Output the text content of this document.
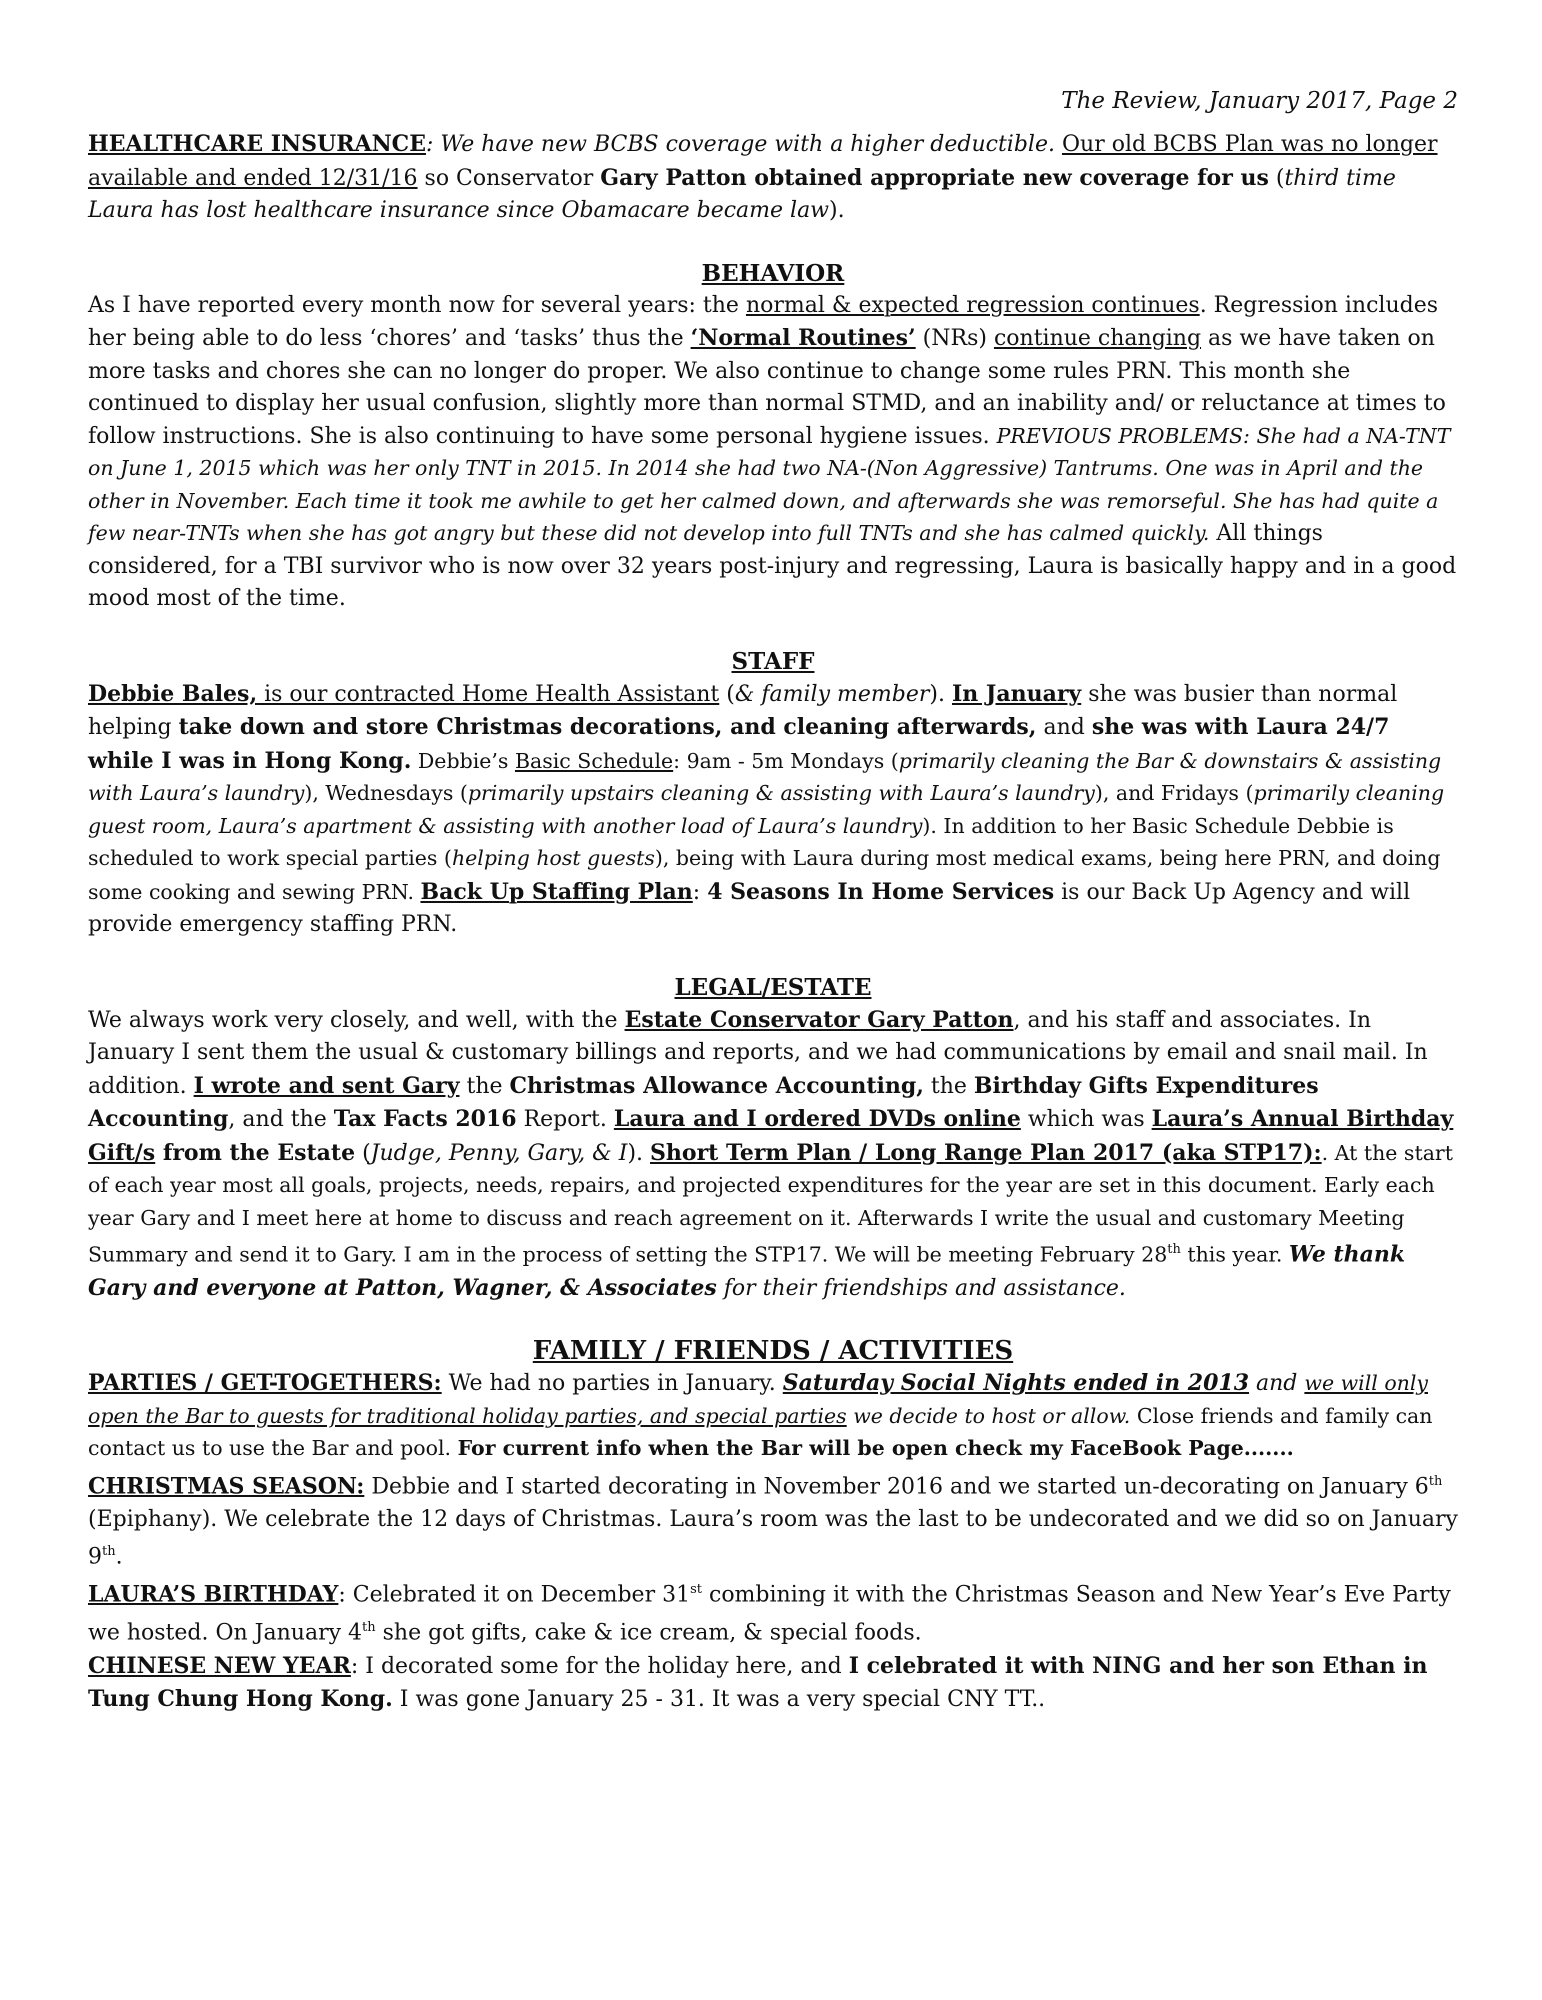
The Review, January 2017, Page 2

HEALTHCARE INSURANCE: We have new BCBS coverage with a higher deductible. Our old BCBS Plan was no longer available and ended 12/31/16 so Conservator Gary Patton obtained appropriate new coverage for us (third time Laura has lost healthcare insurance since Obamacare became law).

BEHAVIOR

As I have reported every month now for several years: the normal & expected regression continues. Regression includes her being able to do less ‘chores’ and ‘tasks’ thus the ‘Normal Routines’ (NRs) continue changing as we have taken on more tasks and chores she can no longer do proper. We also continue to change some rules PRN. This month she continued to display her usual confusion, slightly more than normal STMD, and an inability and/ or reluctance at times to follow instructions. She is also continuing to have some personal hygiene issues. PREVIOUS PROBLEMS: She had a NA-TNT on June 1, 2015 which was her only TNT in 2015. In 2014 she had two NA-(Non Aggressive) Tantrums. One was in April and the other in November. Each time it took me awhile to get her calmed down, and afterwards she was remorseful. She has had quite a few near-TNTs when she has got angry but these did not develop into full TNTs and she has calmed quickly. All things considered, for a TBI survivor who is now over 32 years post-injury and regressing, Laura is basically happy and in a good mood most of the time.

STAFF

Debbie Bales, is our contracted Home Health Assistant (& family member). In January she was busier than normal helping take down and store Christmas decorations, and cleaning afterwards, and she was with Laura 24/7 while I was in Hong Kong. Debbie’s Basic Schedule: 9am - 5m Mondays (primarily cleaning the Bar & downstairs & assisting with Laura’s laundry), Wednesdays (primarily upstairs cleaning & assisting with Laura’s laundry), and Fridays (primarily cleaning guest room, Laura’s apartment & assisting with another load of Laura’s laundry). In addition to her Basic Schedule Debbie is scheduled to work special parties (helping host guests), being with Laura during most medical exams, being here PRN, and doing some cooking and sewing PRN. Back Up Staffing Plan: 4 Seasons In Home Services is our Back Up Agency and will provide emergency staffing PRN.

LEGAL/ESTATE

We always work very closely, and well, with the Estate Conservator Gary Patton, and his staff and associates. In January I sent them the usual & customary billings and reports, and we had communications by email and snail mail. In addition. I wrote and sent Gary the Christmas Allowance Accounting, the Birthday Gifts Expenditures Accounting, and the Tax Facts 2016 Report. Laura and I ordered DVDs online which was Laura’s Annual Birthday Gift/s from the Estate (Judge, Penny, Gary, & I). Short Term Plan / Long Range Plan 2017 (aka STP17):. At the start of each year most all goals, projects, needs, repairs, and projected expenditures for the year are set in this document. Early each year Gary and I meet here at home to discuss and reach agreement on it. Afterwards I write the usual and customary Meeting Summary and send it to Gary. I am in the process of setting the STP17. We will be meeting February 28th this year. We thank Gary and everyone at Patton, Wagner, & Associates for their friendships and assistance.

FAMILY / FRIENDS / ACTIVITIES

PARTIES / GET-TOGETHERS: We had no parties in January. Saturday Social Nights ended in 2013 and we will only open the Bar to guests for traditional holiday parties, and special parties we decide to host or allow. Close friends and family can contact us to use the Bar and pool. For current info when the Bar will be open check my FaceBook Page.......

CHRISTMAS SEASON: Debbie and I started decorating in November 2016 and we started un-decorating on January 6th (Epiphany). We celebrate the 12 days of Christmas. Laura’s room was the last to be undecorated and we did so on January 9th.

LAURA’S BIRTHDAY: Celebrated it on December 31st combining it with the Christmas Season and New Year’s Eve Party we hosted. On January 4th she got gifts, cake & ice cream, & special foods.

CHINESE NEW YEAR: I decorated some for the holiday here, and I celebrated it with NING and her son Ethan in Tung Chung Hong Kong. I was gone January 25 - 31. It was a very special CNY TT..
